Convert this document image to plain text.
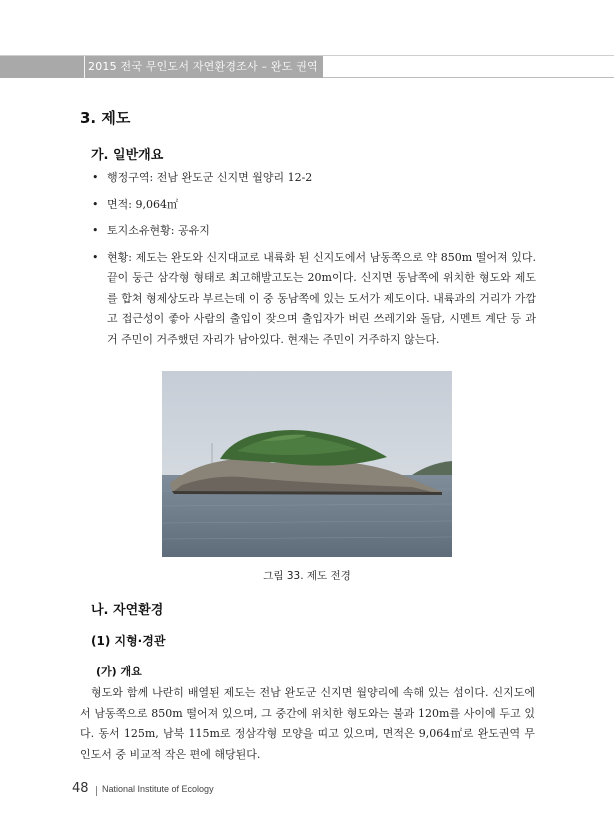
2015 전국 무인도서 자연환경조사 – 완도 권역
3. 제도
가. 일반개요
• 행정구역: 전남 완도군 신지면 월양리 12-2
• 면적: 9,064㎡
• 토지소유현황: 공유지
• 현황: 제도는 완도와 신지대교로 내륙화 된 신지도에서 남동쪽으로 약 850m 떨어져 있다. 끝이 둥근 삼각형 형태로 최고해발고도는 20m이다. 신지면 동남쪽에 위치한 형도와 제도를 합쳐 형제상도라 부르는데 이 중 동남쪽에 있는 도서가 제도이다. 내륙과의 거리가 가깝고 접근성이 좋아 사람의 출입이 잦으며 출입자가 버린 쓰레기와 돌담, 시멘트 계단 등 과거 주민이 거주했던 자리가 남아있다. 현재는 주민이 거주하지 않는다.
그림 33. 제도 전경
나. 자연환경
(1) 지형·경관
(가) 개요

형도와 함께 나란히 배열된 제도는 전남 완도군 신지면 월양리에 속해 있는 섬이다. 신지도에서 남동쪽으로 850m 떨어져 있으며, 그 중간에 위치한 형도와는 불과 120m를 사이에 두고 있다. 동서 125m, 남북 115m로 정삼각형 모양을 띠고 있으며, 면적은 9,064㎡로 완도권역 무인도서 중 비교적 작은 편에 해당된다.

48 National Institute of Ecology
